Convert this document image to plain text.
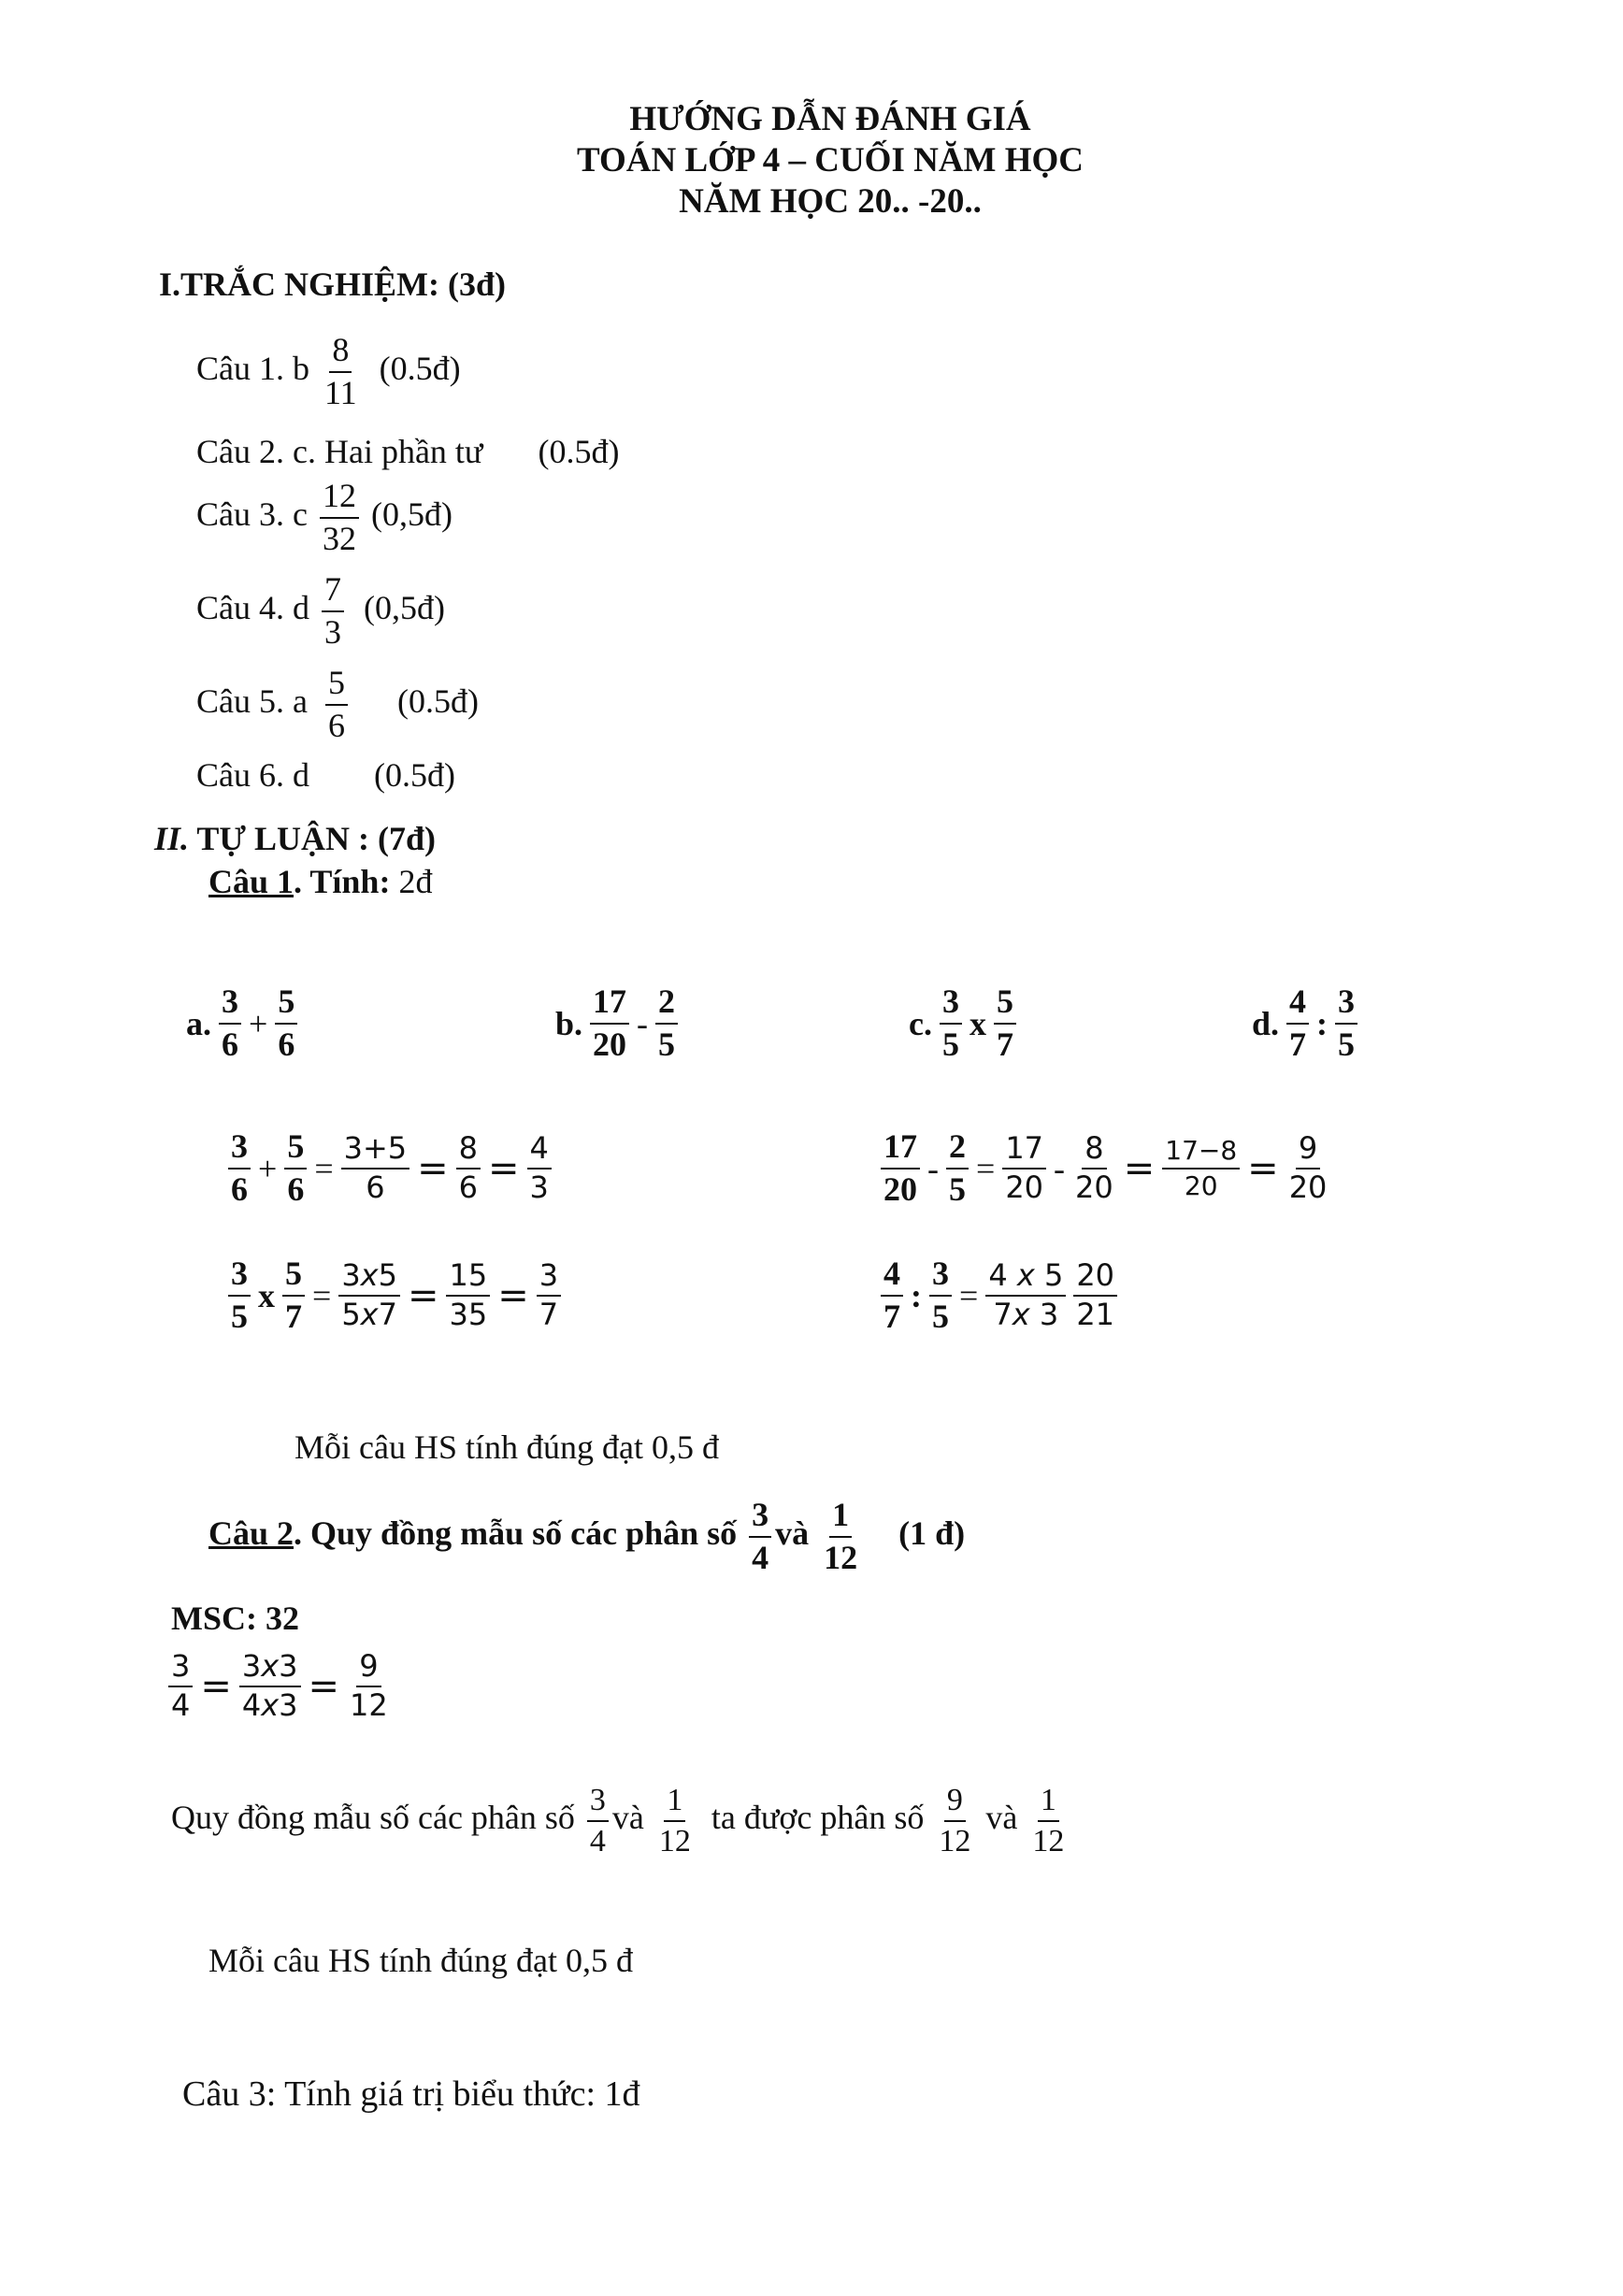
HƯỚNG DẪN ĐÁNH GIÁ
TOÁN LỚP 4 – CUỐI NĂM HỌC
NĂM HỌC 20.. -20..
I.TRẮC NGHIỆM: (3đ)
Câu 1. b $\frac{8}{11}$ (0.5đ)
Câu 2. c. Hai phần tư (0.5đ)
Câu 3. c $\frac{12}{32}$ (0,5đ)
Câu 4. d $\frac{7}{3}$ (0,5đ)
Câu 5. a $\frac{5}{6}$ (0.5đ)
Câu 6. d (0.5đ)
II. TỰ LUẬN : (7đ)
Câu 1. Tính: 2đ
a. $\frac{3}{6} + \frac{5}{6}$	b. $\frac{17}{20} - \frac{2}{5}$	c. $\frac{3}{5}$ x $\frac{5}{7}$	d. $\frac{4}{7}$ : $\frac{3}{5}$
$\frac{3}{6} + \frac{5}{6} = \frac{3+5}{6} = \frac{8}{6} = \frac{4}{3}$	$\frac{17}{20} - \frac{2}{5} = \frac{17}{20} - \frac{8}{20} = \frac{17-8}{20} = \frac{9}{20}$
$\frac{3}{5}$ x $\frac{5}{7} = \frac{3x5}{5x7} = \frac{15}{35} = \frac{3}{7}$	$\frac{4}{7}$ : $\frac{3}{5} = \frac{4 x 5}{7x 3} \frac{20}{21}$
Mỗi câu HS tính đúng đạt 0,5 đ
Câu 2. Quy đồng mẫu số các phân số $\frac{3}{4}$ và $\frac{1}{12} (1$ đ)
MSC: 32
$\frac{3}{4} = \frac{3x3}{4x3} = \frac{9}{12}$
Quy đồng mẫu số các phân số $\frac{3}{4}$ và $\frac{1}{12}$ ta được phân số $\frac{9}{12}$ và $\frac{1}{12}$
Mỗi câu HS tính đúng đạt 0,5 đ
Câu 3: Tính giá trị biểu thức: 1đ
